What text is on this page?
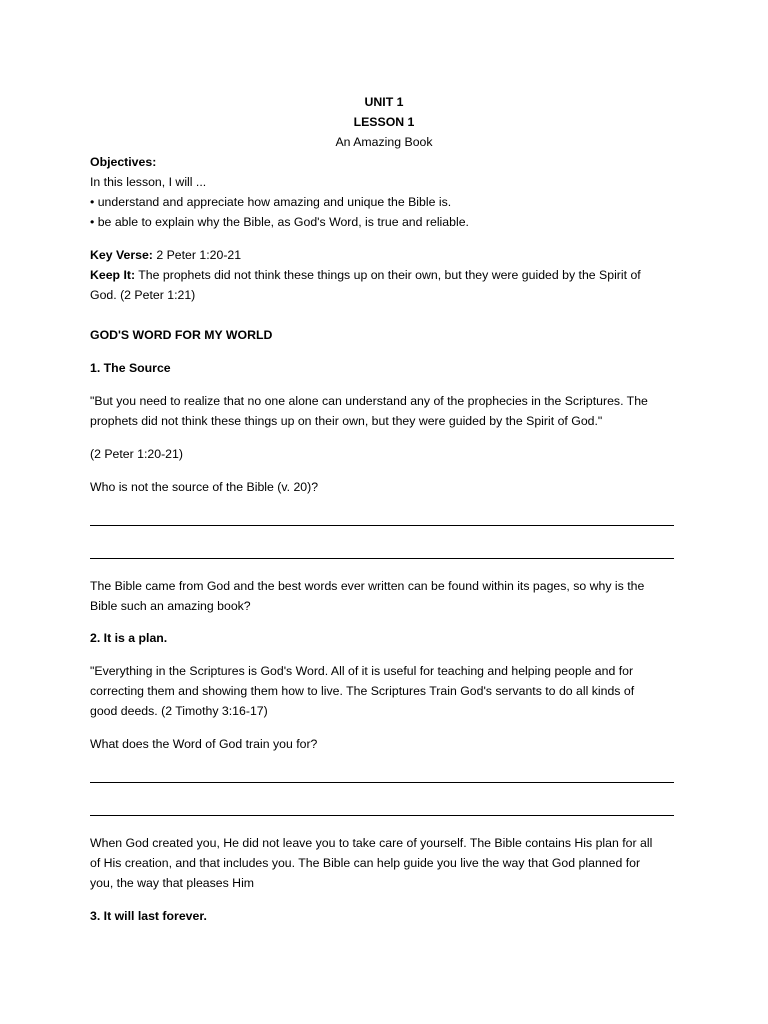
UNIT 1
LESSON 1
An Amazing Book
Objectives:
In this lesson, I will ...
• understand and appreciate how amazing and unique the Bible is.
• be able to explain why the Bible, as God's Word, is true and reliable.
Key Verse: 2 Peter 1:20-21
Keep It: The prophets did not think these things up on their own, but they were guided by the Spirit of
God. (2 Peter 1:21)
GOD'S WORD FOR MY WORLD
1. The Source
"But you need to realize that no one alone can understand any of the prophecies in the Scriptures. The
prophets did not think these things up on their own, but they were guided by the Spirit of God."
(2 Peter 1:20-21)
Who is not the source of the Bible (v. 20)?
The Bible came from God and the best words ever written can be found within its pages, so why is the
Bible such an amazing book?
2. It is a plan.
"Everything in the Scriptures is God's Word. All of it is useful for teaching and helping people and for
correcting them and showing them how to live. The Scriptures Train God's servants to do all kinds of
good deeds. (2 Timothy 3:16-17)
What does the Word of God train you for?
When God created you, He did not leave you to take care of yourself. The Bible contains His plan for all
of His creation, and that includes you. The Bible can help guide you live the way that God planned for
you, the way that pleases Him
3. It will last forever.
